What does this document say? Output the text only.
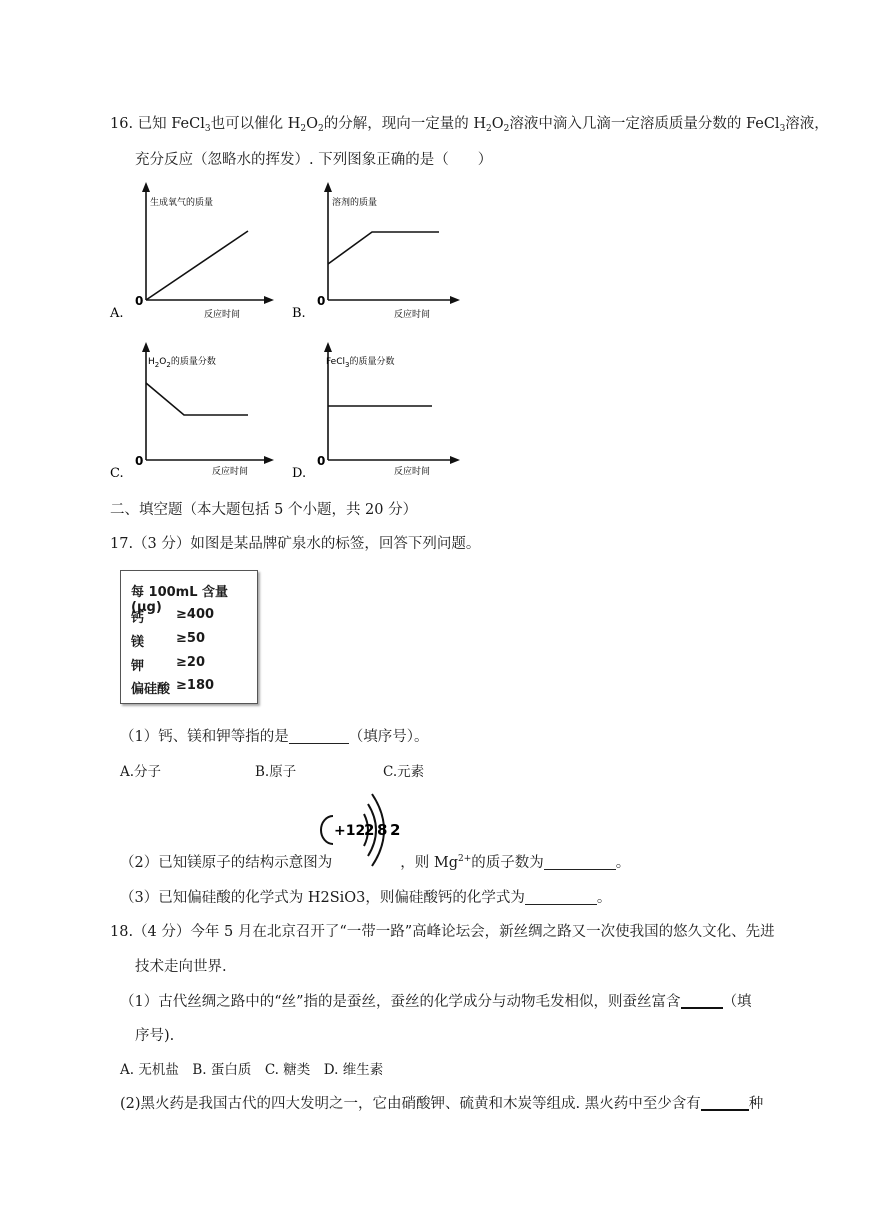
16. 已知 FeCl$_3$也可以催化 $H_2O_2$的分解，现向一定量的 $H_2O_2$溶液中滴入几滴一定溶质质量分数的 FeCl$_3$溶液，
充分反应（忽略水的挥发）. 下列图象正确的是（　　）
生成氧气的质量
反应时间
0
A.
溶剂的质量
反应时间
0
B.
$H_2O_2$的质量分数
反应时间
0
C.
FeCl$_3$的质量分数
反应时间
0
D.
二、填空题（本大题包括 5 个小题，共 20 分）
17.（3 分）如图是某品牌矿泉水的标签，回答下列问题。
每 100mL 含量(μg)
钙 ≥400
镁 ≥50
钾 ≥20
偏硅酸 ≥180
（1）钙、镁和钾等指的是	（填序号）。
A.分子	B.原子	C.元素
+12
2 8 2
（2）已知镁原子的结构示意图为	，则 $Mg^{2+}$的质子数为	。
（3）已知偏硅酸的化学式为 H2SiO3，则偏硅酸钙的化学式为	。
18.（4 分）今年 5 月在北京召开了“一带一路”高峰论坛会，新丝绸之路又一次使我国的悠久文化、先进
技术走向世界.
（1）古代丝绸之路中的“丝”指的是蚕丝，蚕丝的化学成分与动物毛发相似，则蚕丝富含	（填
序号).
A. 无机盐　B. 蛋白质　C. 糖类　D. 维生素
(2)黑火药是我国古代的四大发明之一，它由硝酸钾、硫黄和木炭等组成. 黑火药中至少含有	种
